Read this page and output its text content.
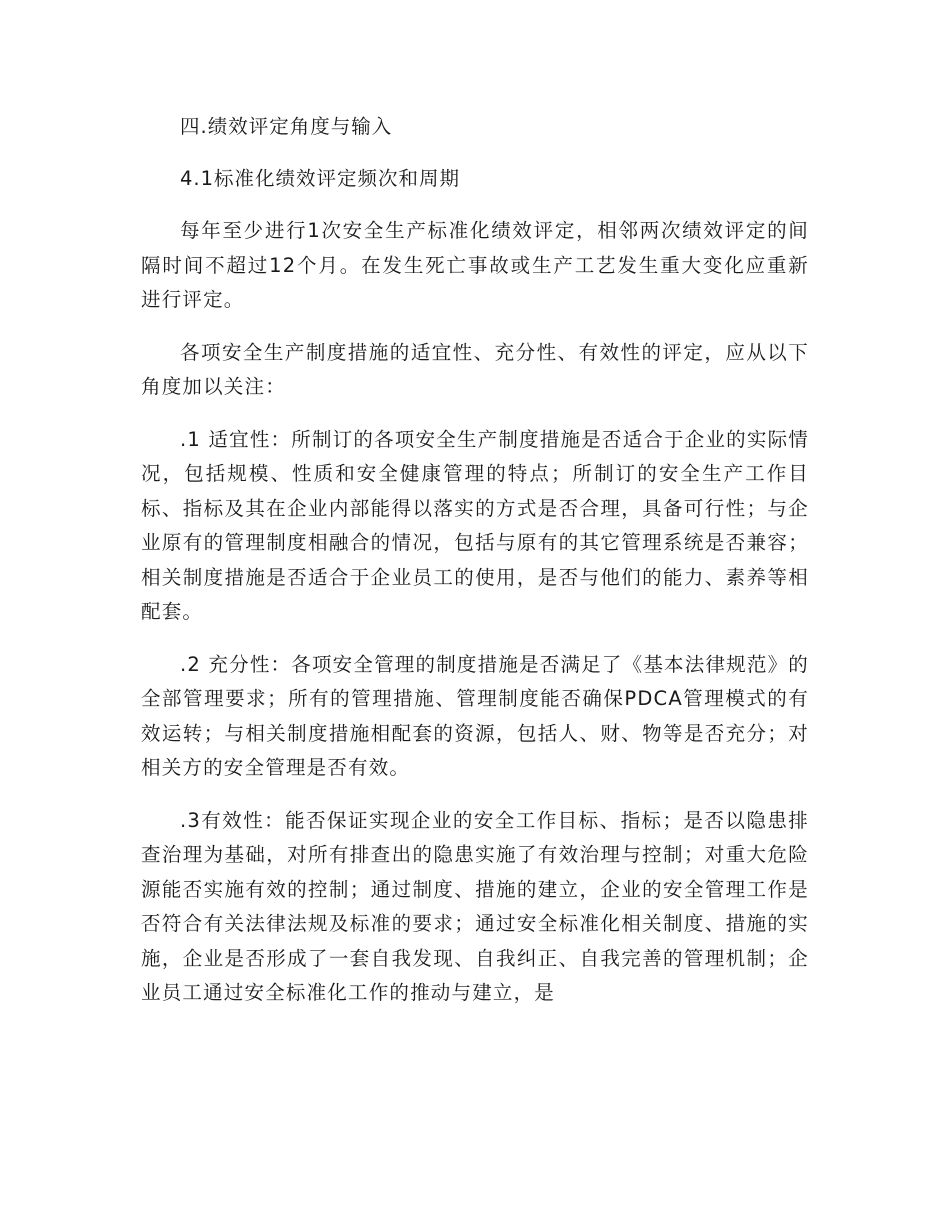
四.绩效评定角度与输入

4.1标准化绩效评定频次和周期

每年至少进行1次安全生产标准化绩效评定，相邻两次绩效评定的间隔时间不超过12个月。在发生死亡事故或生产工艺发生重大变化应重新进行评定。

各项安全生产制度措施的适宜性、充分性、有效性的评定，应从以下角度加以关注：

.1 适宜性：所制订的各项安全生产制度措施是否适合于企业的实际情况，包括规模、性质和安全健康管理的特点；所制订的安全生产工作目标、指标及其在企业内部能得以落实的方式是否合理，具备可行性；与企业原有的管理制度相融合的情况，包括与原有的其它管理系统是否兼容；相关制度措施是否适合于企业员工的使用，是否与他们的能力、素养等相配套。

.2 充分性：各项安全管理的制度措施是否满足了《基本法律规范》的全部管理要求；所有的管理措施、管理制度能否确保PDCA管理模式的有效运转；与相关制度措施相配套的资源，包括人、财、物等是否充分；对相关方的安全管理是否有效。

.3有效性：能否保证实现企业的安全工作目标、指标；是否以隐患排查治理为基础，对所有排查出的隐患实施了有效治理与控制；对重大危险源能否实施有效的控制；通过制度、措施的建立，企业的安全管理工作是否符合有关法律法规及标准的要求；通过安全标准化相关制度、措施的实施，企业是否形成了一套自我发现、自我纠正、自我完善的管理机制；企业员工通过安全标准化工作的推动与建立，是
